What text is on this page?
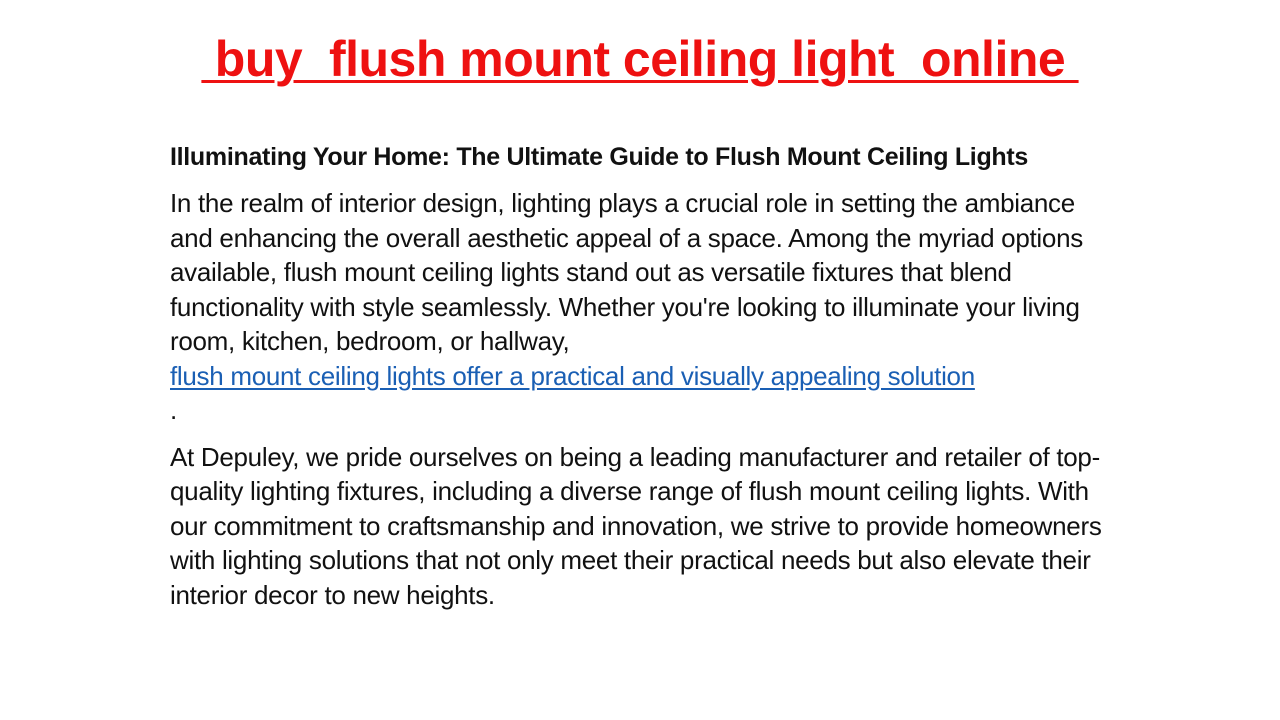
buy  flush mount ceiling light  online
Illuminating Your Home: The Ultimate Guide to Flush Mount Ceiling Lights
In the realm of interior design, lighting plays a crucial role in setting the ambiance and enhancing the overall aesthetic appeal of a space. Among the myriad options available, flush mount ceiling lights stand out as versatile fixtures that blend functionality with style seamlessly. Whether you're looking to illuminate your living room, kitchen, bedroom, or hallway,
flush mount ceiling lights offer a practical and visually appealing solution
.
At Depuley, we pride ourselves on being a leading manufacturer and retailer of top-quality lighting fixtures, including a diverse range of flush mount ceiling lights. With our commitment to craftsmanship and innovation, we strive to provide homeowners with lighting solutions that not only meet their practical needs but also elevate their interior decor to new heights.
